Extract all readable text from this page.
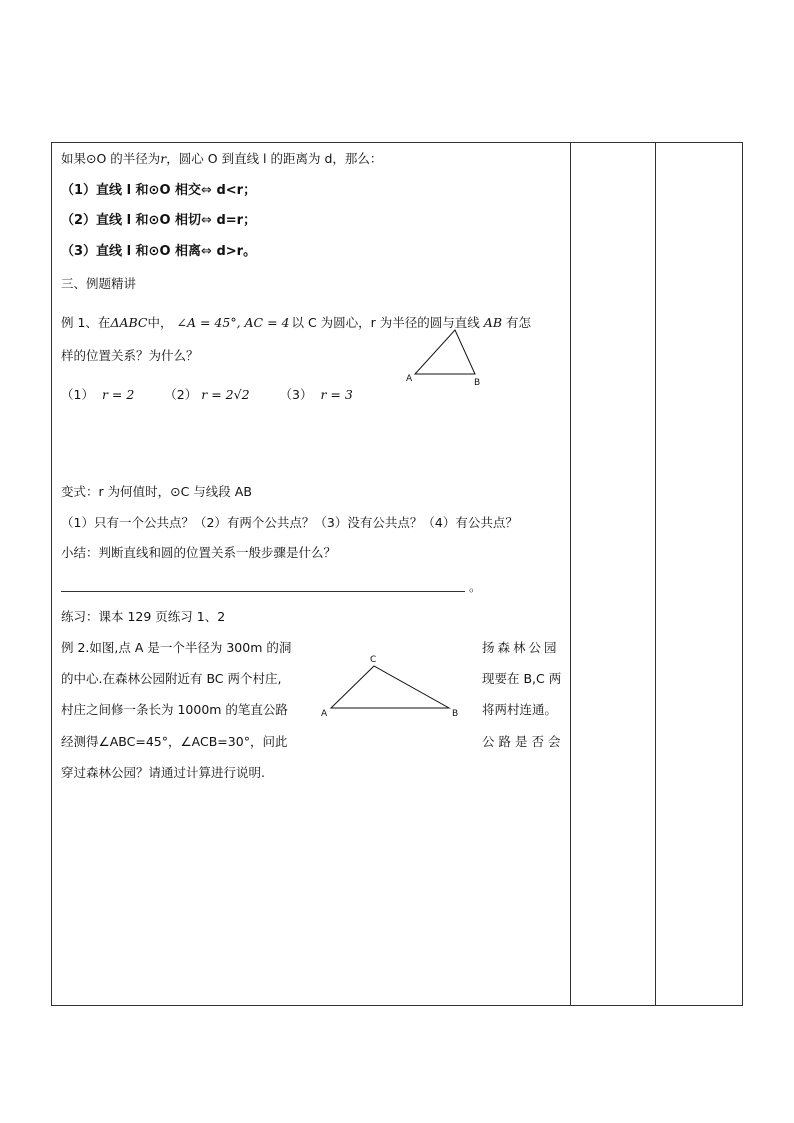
如果⊙O 的半径为r，圆心 O 到直线 l 的距离为 d，那么：
（1）直线 l 和⊙O 相交⇔ d<r；
（2）直线 l 和⊙O 相切⇔ d=r；
（3）直线 l 和⊙O 相离⇔ d>r。
三、例题精讲
例 1、在ΔABC中， ∠A = 45°, AC = 4 以 C 为圆心，r 为半径的圆与直线 AB 有怎
样的位置关系？为什么？
（1） r = 2 （2） r = 2√2 （3） r = 3
A	B
变式：r 为何值时，⊙C 与线段 AB
（1）只有一个公共点？（2）有两个公共点？（3）没有公共点？（4）有公共点？
小结：判断直线和圆的位置关系一般步骤是什么？
。
练习：课本 129 页练习 1、2
例 2.如图,点 A 是一个半径为 300m 的洞
的中心.在森林公园附近有 BC 两个村庄,
村庄之间修一条长为 1000m 的笔直公路
经测得∠ABC=45°，∠ACB=30°，问此
穿过森林公园？请通过计算进行说明.
扬森林公园
现要在 B,C 两
将两村连通。
公路是否会
C
A	B
